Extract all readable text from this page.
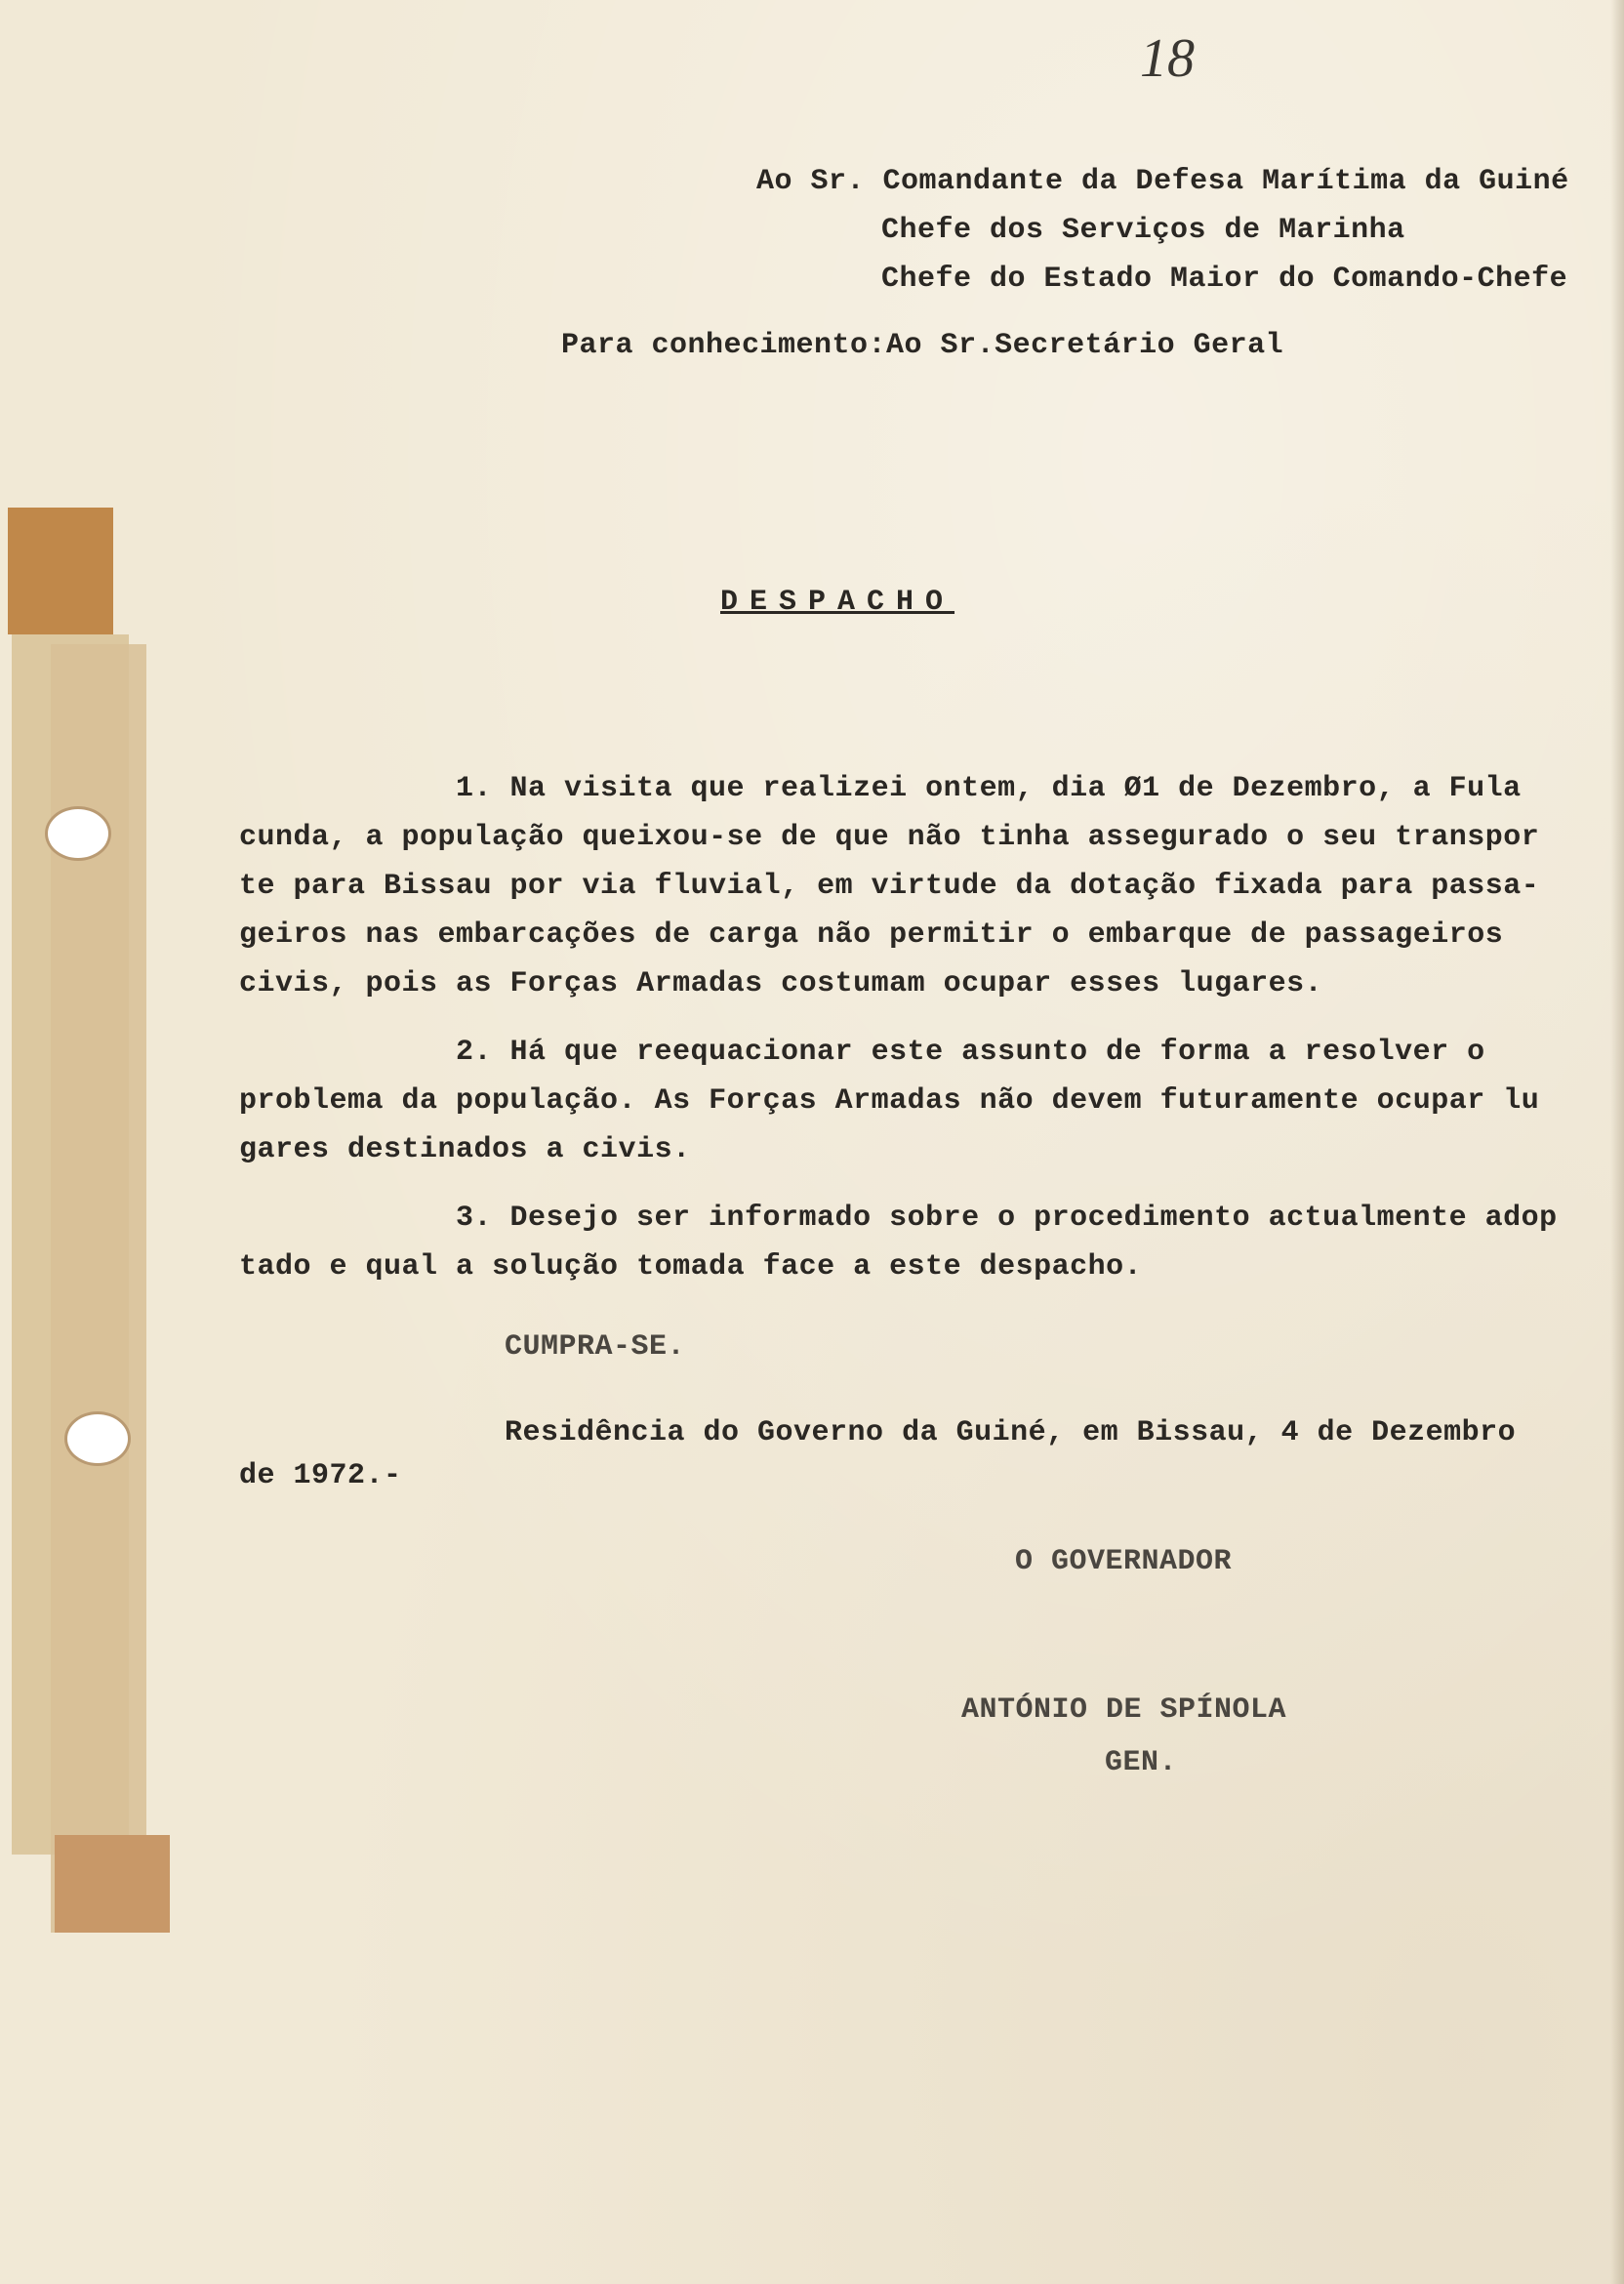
18
Ao Sr. Comandante da Defesa Marítima da Guiné
Chefe dos Serviços de Marinha
Chefe do Estado Maior do Comando-Chefe
Para conhecimento:Ao Sr.Secretário Geral
DESPACHO
1. Na visita que realizei ontem, dia Ø1 de Dezembro, a Fula
cunda, a população queixou-se de que não tinha assegurado o seu transpor
te para Bissau por via fluvial, em virtude da dotação fixada para passa-
geiros nas embarcações de carga não permitir o embarque de passageiros
civis, pois as Forças Armadas costumam ocupar esses lugares.
2. Há que reequacionar este assunto de forma a resolver o
problema da população. As Forças Armadas não devem futuramente ocupar lu
gares destinados a civis.
3. Desejo ser informado sobre o procedimento actualmente adop
tado e qual a solução tomada face a este despacho.
CUMPRA-SE.
Residência do Governo da Guiné, em Bissau, 4 de Dezembro
de 1972.-
O GOVERNADOR
ANTÓNIO DE SPÍNOLA
GEN.
